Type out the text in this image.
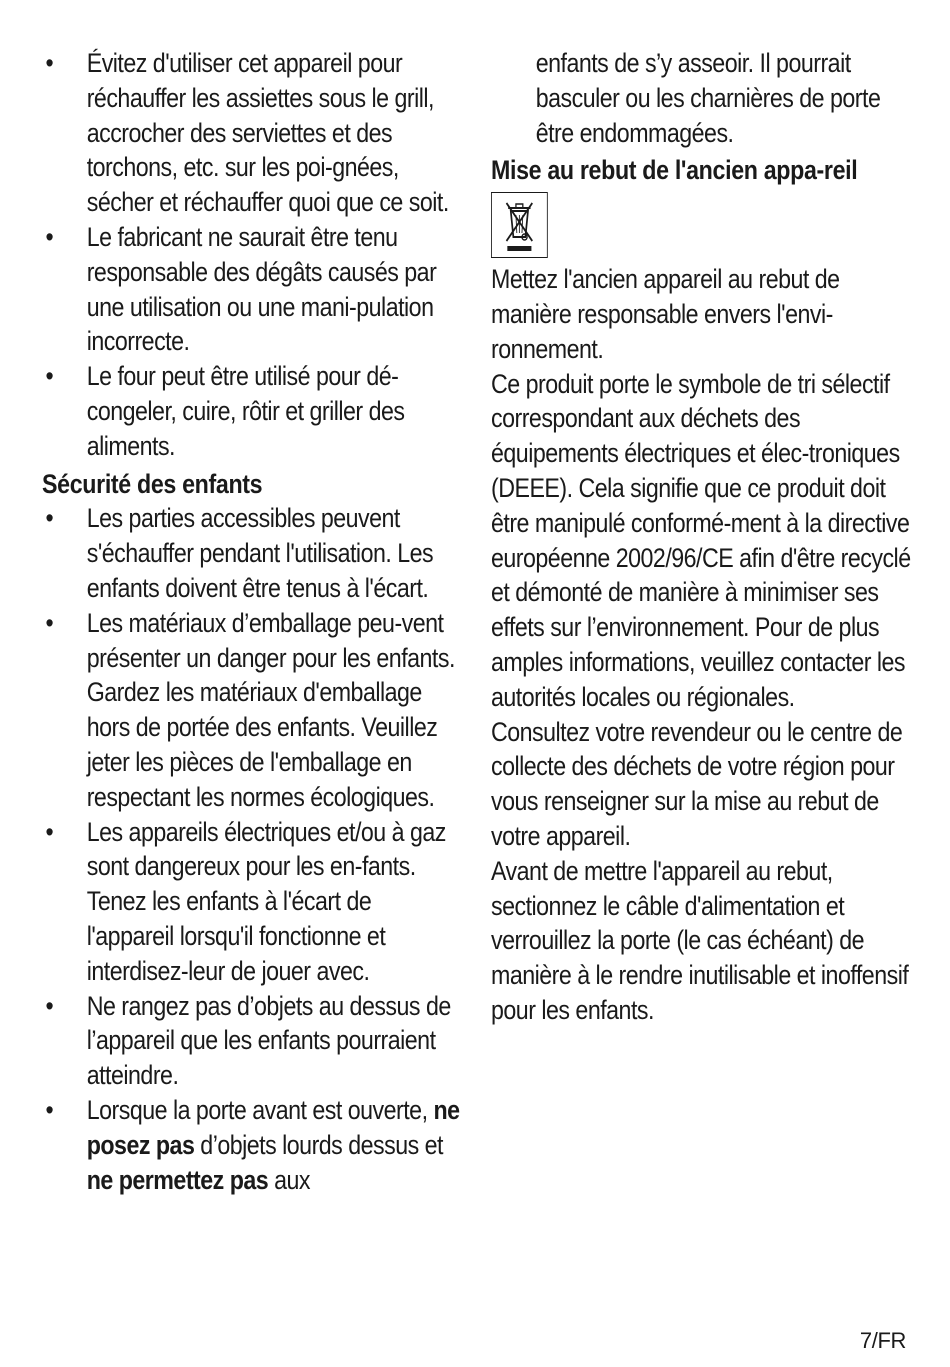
• Évitez d'utiliser cet appareil pour réchauffer les assiettes sous le grill, accrocher des serviettes et des torchons, etc. sur les poi-gnées, sécher et réchauffer quoi que ce soit.
• Le fabricant ne saurait être tenu responsable des dégâts causés par une utilisation ou une mani-pulation incorrecte.
• Le four peut être utilisé pour dé-congeler, cuire, rôtir et griller des aliments.
Sécurité des enfants
• Les parties accessibles peuvent s'échauffer pendant l'utilisation. Les enfants doivent être tenus à l'écart.
• Les matériaux d’emballage peu-vent présenter un danger pour les enfants. Gardez les matériaux d'emballage hors de portée des enfants. Veuillez jeter les pièces de l'emballage en respectant les normes écologiques.
• Les appareils électriques et/ou à gaz sont dangereux pour les en-fants. Tenez les enfants à l'écart de l'appareil lorsqu'il fonctionne et interdisez-leur de jouer avec.
• Ne rangez pas d’objets au dessus de l’appareil que les enfants pourraient atteindre.
• Lorsque la porte avant est ouverte, ne posez pas d’objets lourds dessus et ne permettez pas aux

enfants de s’y asseoir. Il pourrait basculer ou les charnières de porte être endommagées.

Mise au rebut de l'ancien appa-reil

Mettez l'ancien appareil au rebut de manière responsable envers l'envi-ronnement.

Ce produit porte le symbole de tri sélectif correspondant aux déchets des équipements électriques et élec-troniques (DEEE). Cela signifie que ce produit doit être manipulé conformé-ment à la directive européenne 2002/96/CE afin d'être recyclé et démonté de manière à minimiser ses effets sur l’environnement. Pour de plus amples informations, veuillez contacter les autorités locales ou régionales.

Consultez votre revendeur ou le centre de collecte des déchets de votre région pour vous renseigner sur la mise au rebut de votre appareil.

Avant de mettre l'appareil au rebut, sectionnez le câble d'alimentation et verrouillez la porte (le cas échéant) de manière à le rendre inutilisable et inoffensif pour les enfants.

7/FR
